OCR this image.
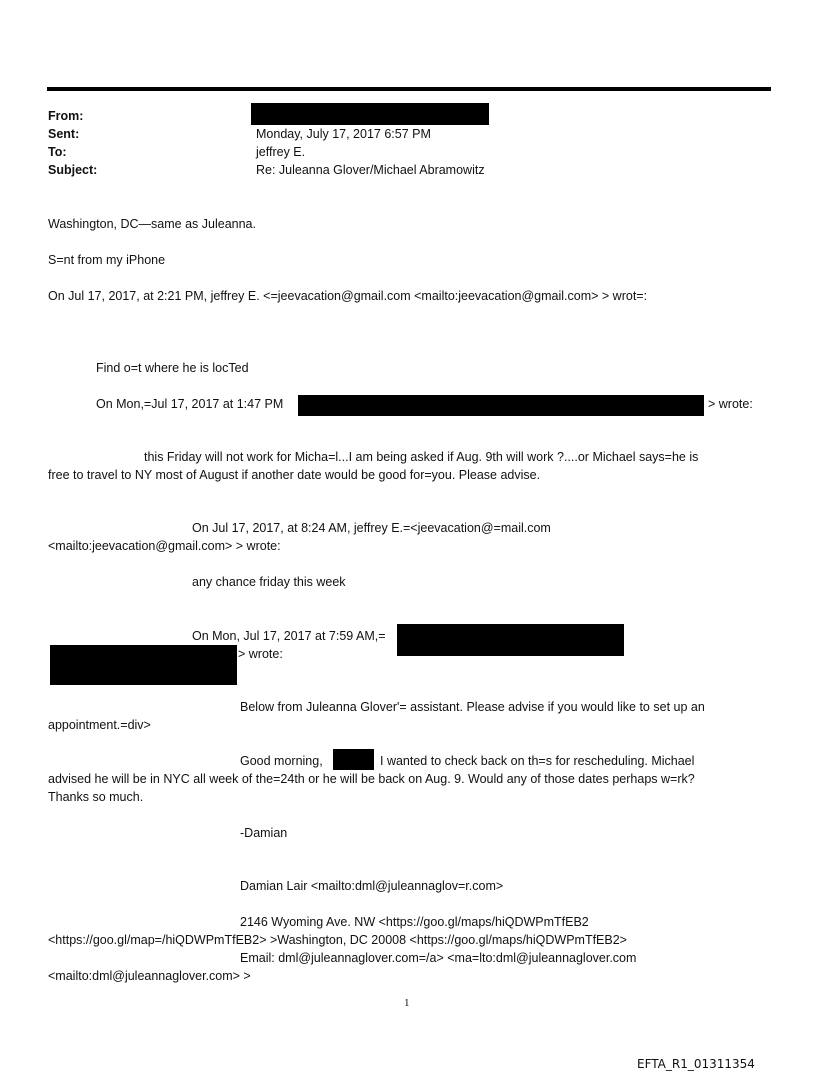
From:
Sent:	Monday, July 17, 2017 6:57 PM
To:	jeffrey E.
Subject:	Re: Juleanna Glover/Michael Abramowitz
Washington, DC—same as Juleanna.
S=nt from my iPhone
On Jul 17, 2017, at 2:21 PM, jeffrey E. <=jeevacation@gmail.com <mailto:jeevacation@gmail.com> > wrot=:
Find o=t where he is locTed
On Mon,=Jul 17, 2017 at 1:47 PM	> wrote:
this Friday will not work for Micha=l...I am being asked if Aug. 9th will work ?....or Michael says=he is
free to travel to NY most of August if another date would be good for=you. Please advise.
On Jul 17, 2017, at 8:24 AM, jeffrey E.=<jeevacation@=mail.com
<mailto:jeevacation@gmail.com> > wrote:
any chance friday this week
On Mon, Jul 17, 2017 at 7:59 AM,=
> wrote:
Below from Juleanna Glover'= assistant. Please advise if you would like to set up an
appointment.=div>
Good morning,	I wanted to check back on th=s for rescheduling. Michael
advised he will be in NYC all week of the=24th or he will be back on Aug. 9. Would any of those dates perhaps w=rk?
Thanks so much.
-Damian
Damian Lair <mailto:dml@juleannaglov=r.com>
2146 Wyoming Ave. NW <https://goo.gl/maps/hiQDWPmTfEB2
<https://goo.gl/map=/hiQDWPmTfEB2> >Washington, DC 20008 <https://goo.gl/maps/hiQDWPmTfEB2>
Email: dml@juleannaglover.com=/a> <ma=lto:dml@juleannaglover.com
<mailto:dml@juleannaglover.com> >
1
EFTA_R1_01311354
